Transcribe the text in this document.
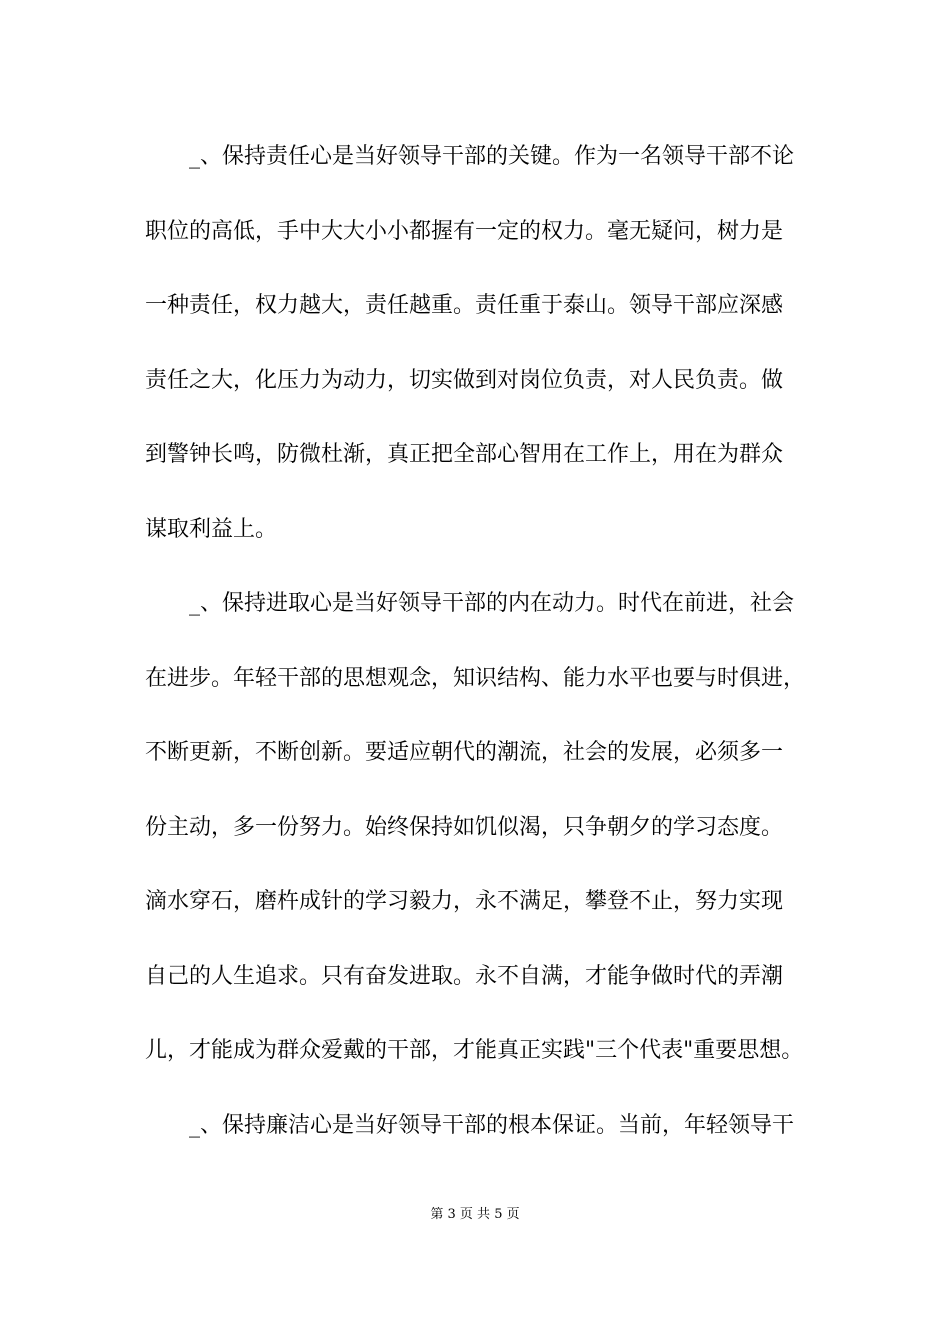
_、保持责任心是当好领导干部的关键。作为一名领导干部不论
职位的高低，手中大大小小都握有一定的权力。毫无疑问，树力是
一种责任，权力越大，责任越重。责任重于泰山。领导干部应深感
责任之大，化压力为动力，切实做到对岗位负责，对人民负责。做
到警钟长鸣，防微杜渐，真正把全部心智用在工作上，用在为群众
谋取利益上。
_、保持进取心是当好领导干部的内在动力。时代在前进，社会
在进步。年轻干部的思想观念，知识结构、能力水平也要与时俱进，
不断更新，不断创新。要适应朝代的潮流，社会的发展，必须多一
份主动，多一份努力。始终保持如饥似渴，只争朝夕的学习态度。
滴水穿石，磨杵成针的学习毅力，永不满足，攀登不止，努力实现
自己的人生追求。只有奋发进取。永不自满，才能争做时代的弄潮
儿，才能成为群众爱戴的干部，才能真正实践"三个代表"重要思想。
_、保持廉洁心是当好领导干部的根本保证。当前，年轻领导干
第 3 页 共 5 页
